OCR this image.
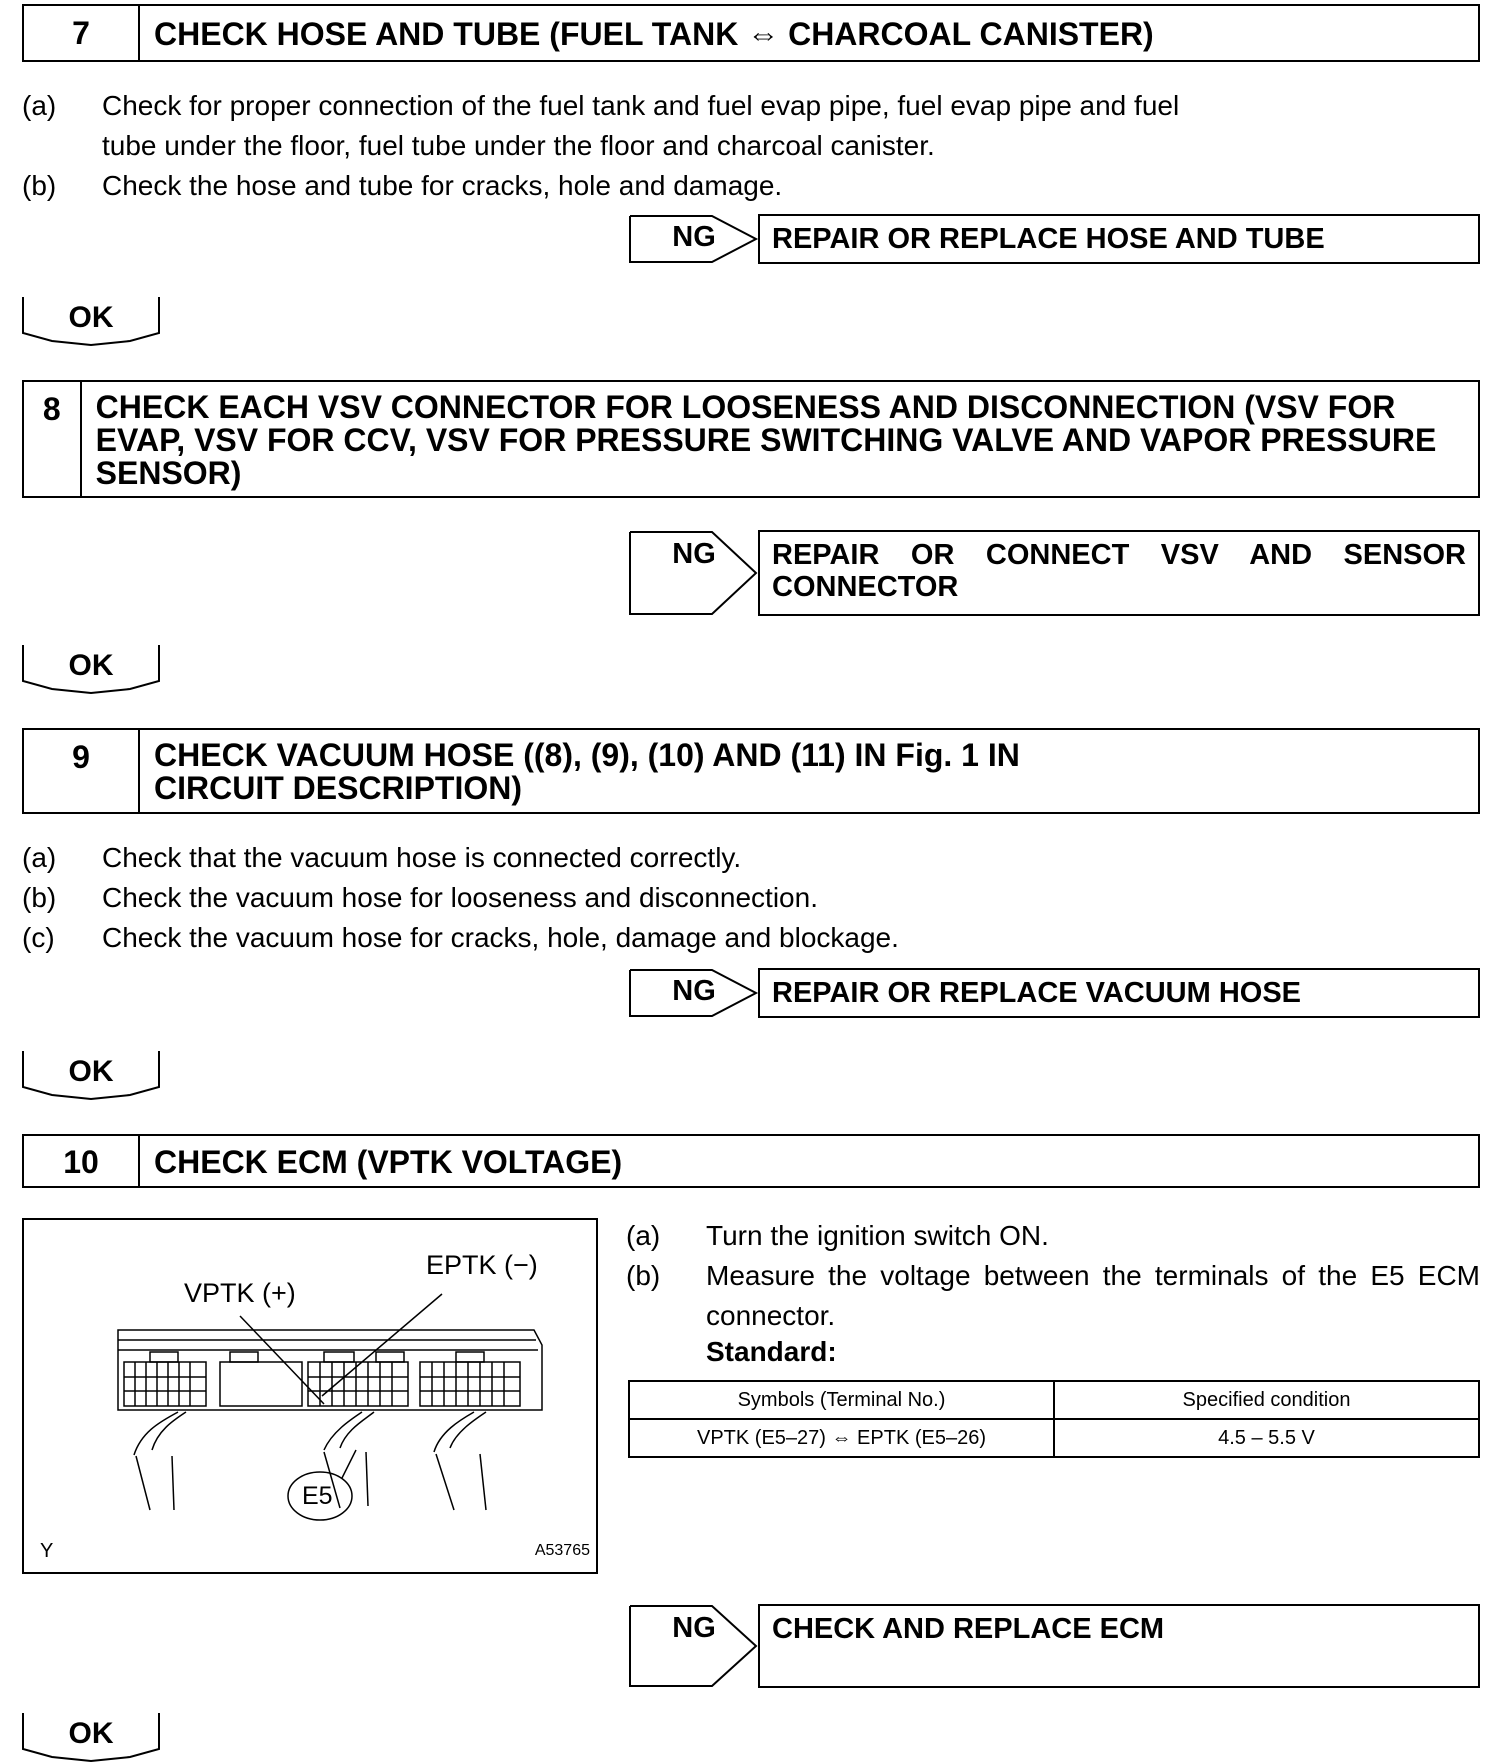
7	CHECK HOSE AND TUBE (FUEL TANK ⇔ CHARCOAL CANISTER)
(a)	Check for proper connection of the fuel tank and fuel evap pipe, fuel evap pipe and fuel tube under the floor, fuel tube under the floor and charcoal canister.
(b)	Check the hose and tube for cracks, hole and damage.
NG	REPAIR OR REPLACE HOSE AND TUBE
OK
8	CHECK EACH VSV CONNECTOR FOR LOOSENESS AND DISCONNECTION (VSV FOR EVAP, VSV FOR CCV, VSV FOR PRESSURE SWITCHING VALVE AND VAPOR PRESSURE SENSOR)
NG	REPAIR OR CONNECT VSV AND SENSOR CONNECTOR
OK
9	CHECK VACUUM HOSE ((8), (9), (10) AND (11) IN Fig. 1 IN CIRCUIT DESCRIPTION)
(a)	Check that the vacuum hose is connected correctly.
(b)	Check the vacuum hose for looseness and disconnection.
(c)	Check the vacuum hose for cracks, hole, damage and blockage.
NG	REPAIR OR REPLACE VACUUM HOSE
OK
10	CHECK ECM (VPTK VOLTAGE)
VPTK (+)
EPTK (−)
E5
Y	A53765
(a)	Turn the ignition switch ON.
(b)	Measure the voltage between the terminals of the E5 ECM connector.
Standard:
Symbols (Terminal No.)	Specified condition
VPTK (E5–27) ⇔ EPTK (E5–26)	4.5 – 5.5 V
NG	CHECK AND REPLACE ECM
OK
